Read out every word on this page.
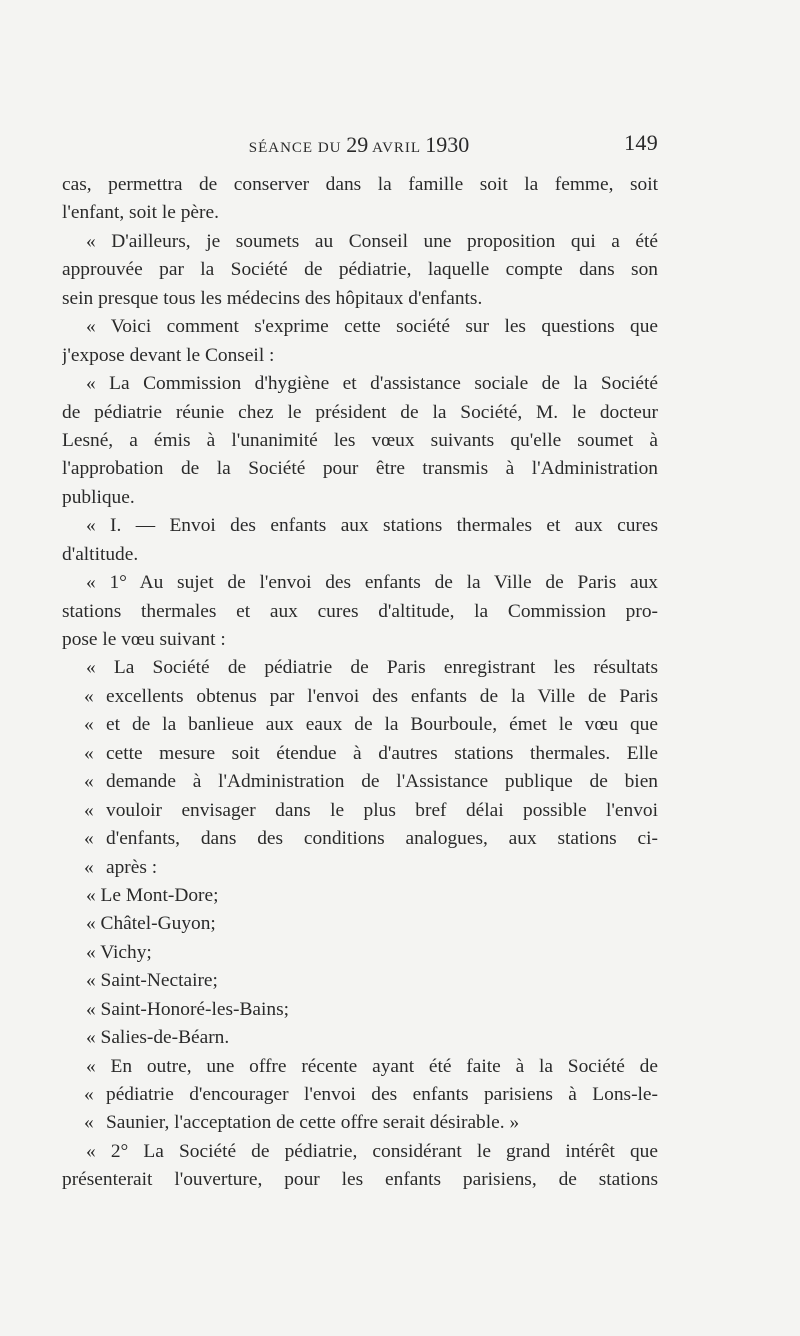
SÉANCE DU 29 AVRIL 1930	149
cas, permettra de conserver dans la famille soit la femme, soit
l'enfant, soit le père.
« D'ailleurs, je soumets au Conseil une proposition qui a été
approuvée par la Société de pédiatrie, laquelle compte dans son
sein presque tous les médecins des hôpitaux d'enfants.
« Voici comment s'exprime cette société sur les questions que
j'expose devant le Conseil :
« La Commission d'hygiène et d'assistance sociale de la Société
de pédiatrie réunie chez le président de la Société, M. le docteur
Lesné, a émis à l'unanimité les vœux suivants qu'elle soumet à
l'approbation de la Société pour être transmis à l'Administration
publique.
« I. — Envoi des enfants aux stations thermales et aux cures
d'altitude.
« 1° Au sujet de l'envoi des enfants de la Ville de Paris aux
stations thermales et aux cures d'altitude, la Commission pro-
pose le vœu suivant :
« La Société de pédiatrie de Paris enregistrant les résultats
« excellents obtenus par l'envoi des enfants de la Ville de Paris
« et de la banlieue aux eaux de la Bourboule, émet le vœu que
« cette mesure soit étendue à d'autres stations thermales. Elle
« demande à l'Administration de l'Assistance publique de bien
« vouloir envisager dans le plus bref délai possible l'envoi
« d'enfants, dans des conditions analogues, aux stations ci-
« après :
« Le Mont-Dore;
« Châtel-Guyon;
« Vichy;
« Saint-Nectaire;
« Saint-Honoré-les-Bains;
« Salies-de-Béarn.
« En outre, une offre récente ayant été faite à la Société de
« pédiatrie d'encourager l'envoi des enfants parisiens à Lons-le-
« Saunier, l'acceptation de cette offre serait désirable. »
« 2° La Société de pédiatrie, considérant le grand intérêt que
présenterait l'ouverture, pour les enfants parisiens, de stations
